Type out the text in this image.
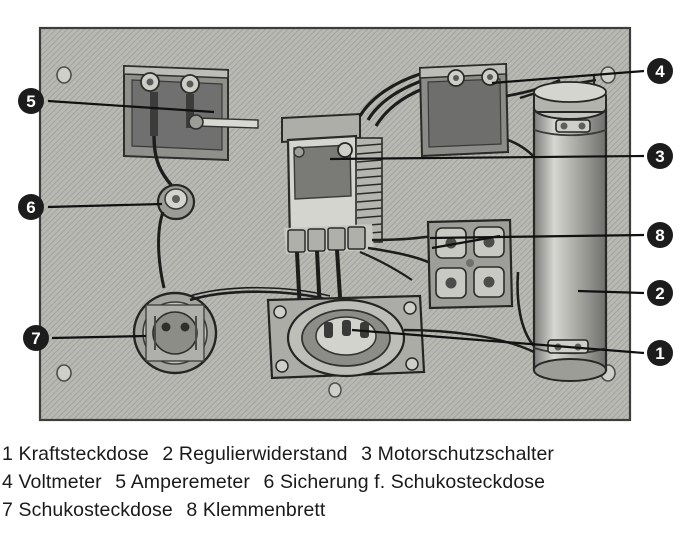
1
2
3
4
5
6
7
8
1 Kraftsteckdose 2 Regulierwiderstand 3 Motorschutzschalter
4 Voltmeter 5 Amperemeter 6 Sicherung f. Schukosteckdose
7 Schukosteckdose 8 Klemmenbrett
